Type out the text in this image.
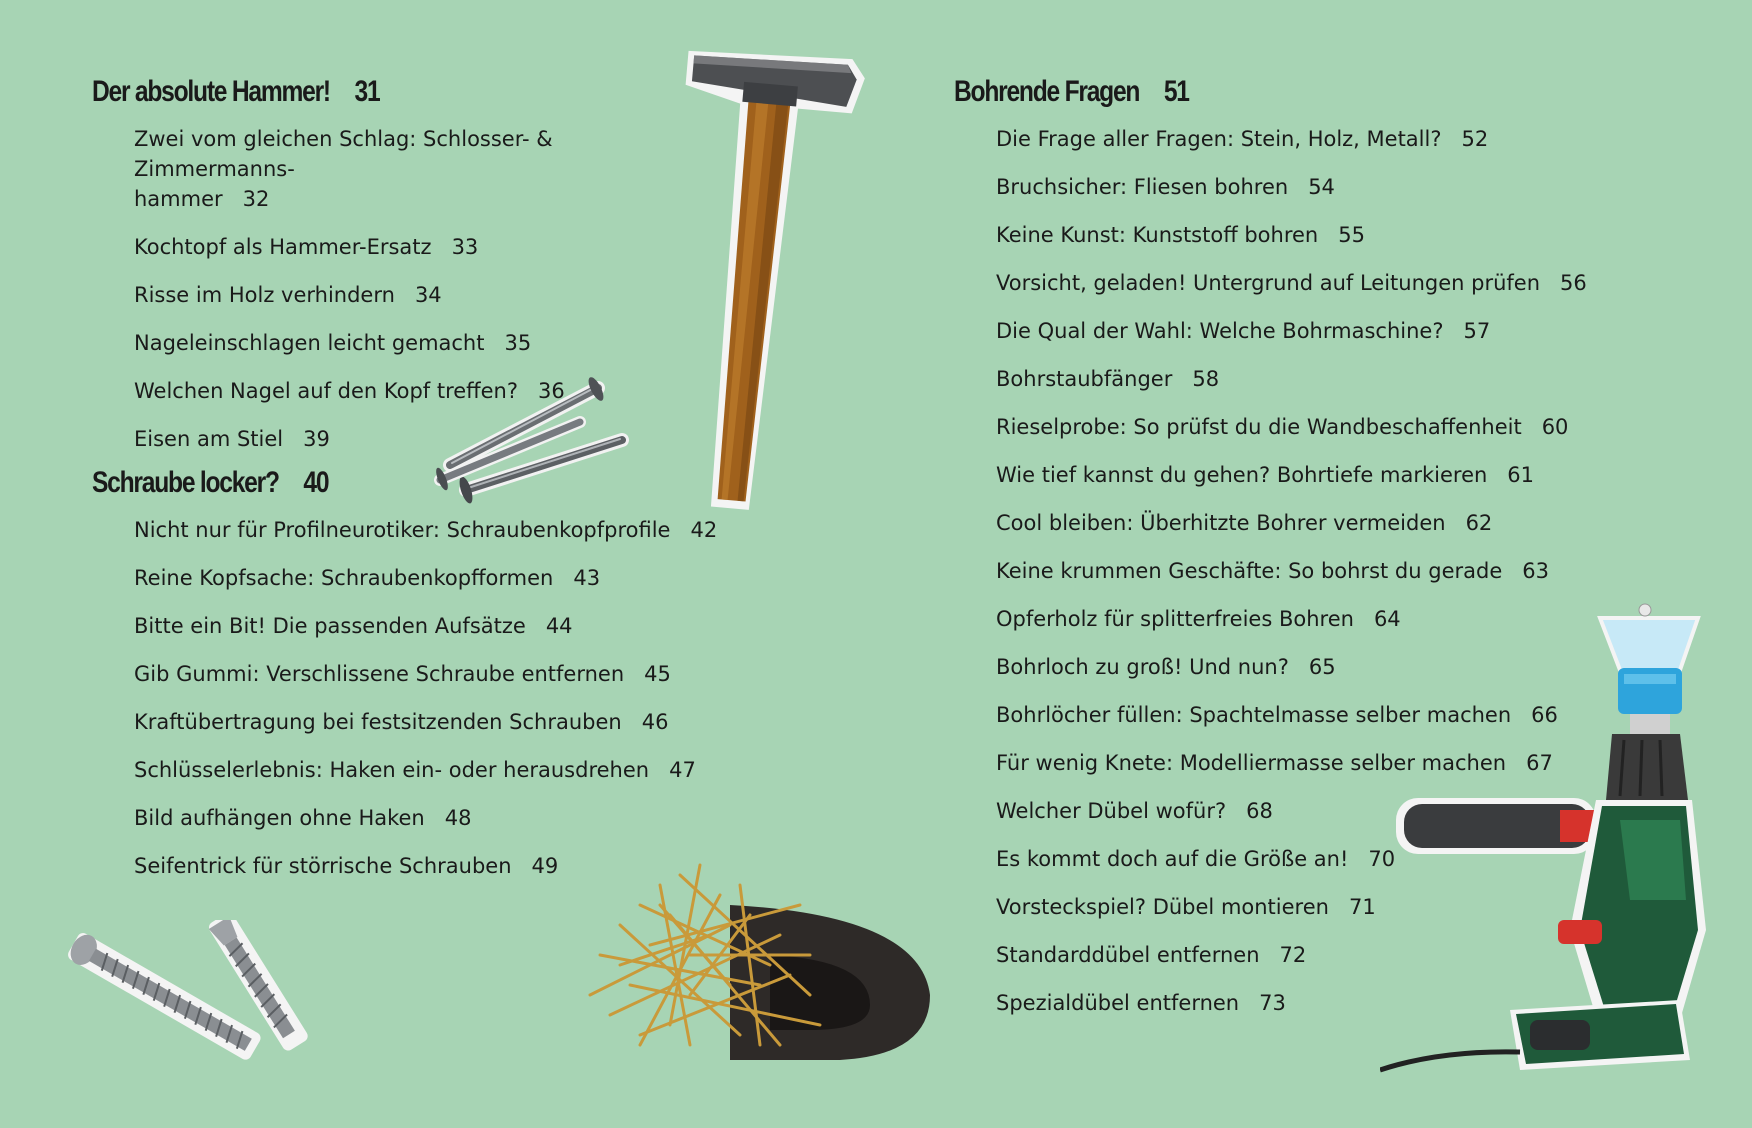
Der absolute Hammer! 31
Zwei vom gleichen Schlag: Schlosser- & Zimmermanns-
hammer 32
Kochtopf als Hammer-Ersatz 33
Risse im Holz verhindern 34
Nageleinschlagen leicht gemacht 35
Welchen Nagel auf den Kopf treffen? 36
Eisen am Stiel 39
Schraube locker? 40
Nicht nur für Profilneurotiker: Schraubenkopfprofile 42
Reine Kopfsache: Schraubenkopfformen 43
Bitte ein Bit! Die passenden Aufsätze 44
Gib Gummi: Verschlissene Schraube entfernen 45
Kraftübertragung bei festsitzenden Schrauben 46
Schlüsselerlebnis: Haken ein- oder herausdrehen 47
Bild aufhängen ohne Haken 48
Seifentrick für störrische Schrauben 49
Bohrende Fragen 51
Die Frage aller Fragen: Stein, Holz, Metall? 52
Bruchsicher: Fliesen bohren 54
Keine Kunst: Kunststoff bohren 55
Vorsicht, geladen! Untergrund auf Leitungen prüfen 56
Die Qual der Wahl: Welche Bohrmaschine? 57
Bohrstaubfänger 58
Rieselprobe: So prüfst du die Wandbeschaffenheit 60
Wie tief kannst du gehen? Bohrtiefe markieren 61
Cool bleiben: Überhitzte Bohrer vermeiden 62
Keine krummen Geschäfte: So bohrst du gerade 63
Opferholz für splitterfreies Bohren 64
Bohrloch zu groß! Und nun? 65
Bohrlöcher füllen: Spachtelmasse selber machen 66
Für wenig Knete: Modelliermasse selber machen 67
Welcher Dübel wofür? 68
Es kommt doch auf die Größe an! 70
Vorsteckspiel? Dübel montieren 71
Standarddübel entfernen 72
Spezialdübel entfernen 73
